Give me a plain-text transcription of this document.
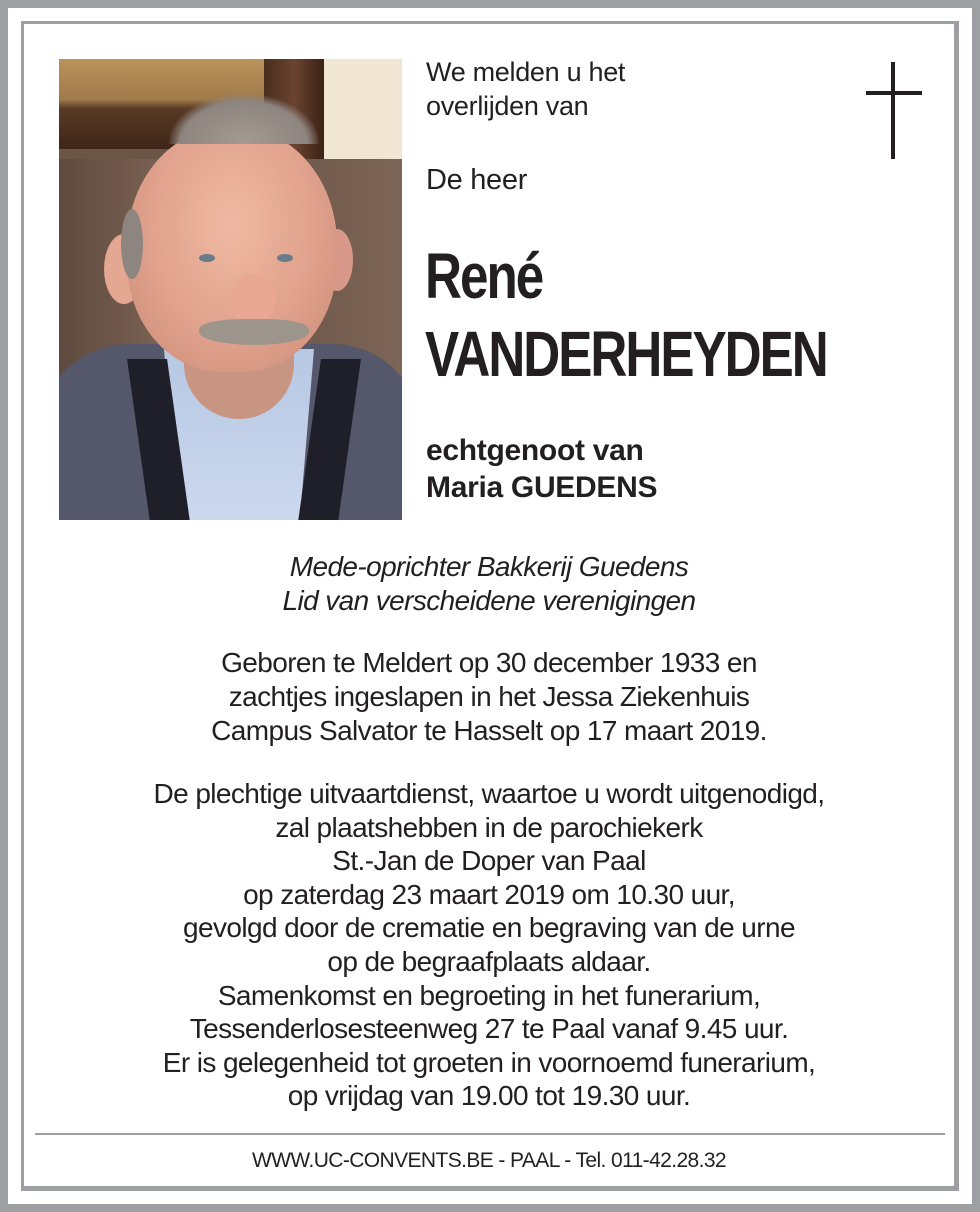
We melden u het
overlijden van
De heer
René
VANDERHEYDEN
echtgenoot van
Maria GUEDENS
Mede-oprichter Bakkerij Guedens
Lid van verscheidene verenigingen
Geboren te Meldert op 30 december 1933 en
zachtjes ingeslapen in het Jessa Ziekenhuis
Campus Salvator te Hasselt op 17 maart 2019.
De plechtige uitvaartdienst, waartoe u wordt uitgenodigd,
zal plaatshebben in de parochiekerk
St.-Jan de Doper van Paal
op zaterdag 23 maart 2019 om 10.30 uur,
gevolgd door de crematie en begraving van de urne
op de begraafplaats aldaar.
Samenkomst en begroeting in het funerarium,
Tessenderlosesteenweg 27 te Paal vanaf 9.45 uur.
Er is gelegenheid tot groeten in voornoemd funerarium,
op vrijdag van 19.00 tot 19.30 uur.
WWW.UC-CONVENTS.BE - PAAL - Tel. 011-42.28.32
